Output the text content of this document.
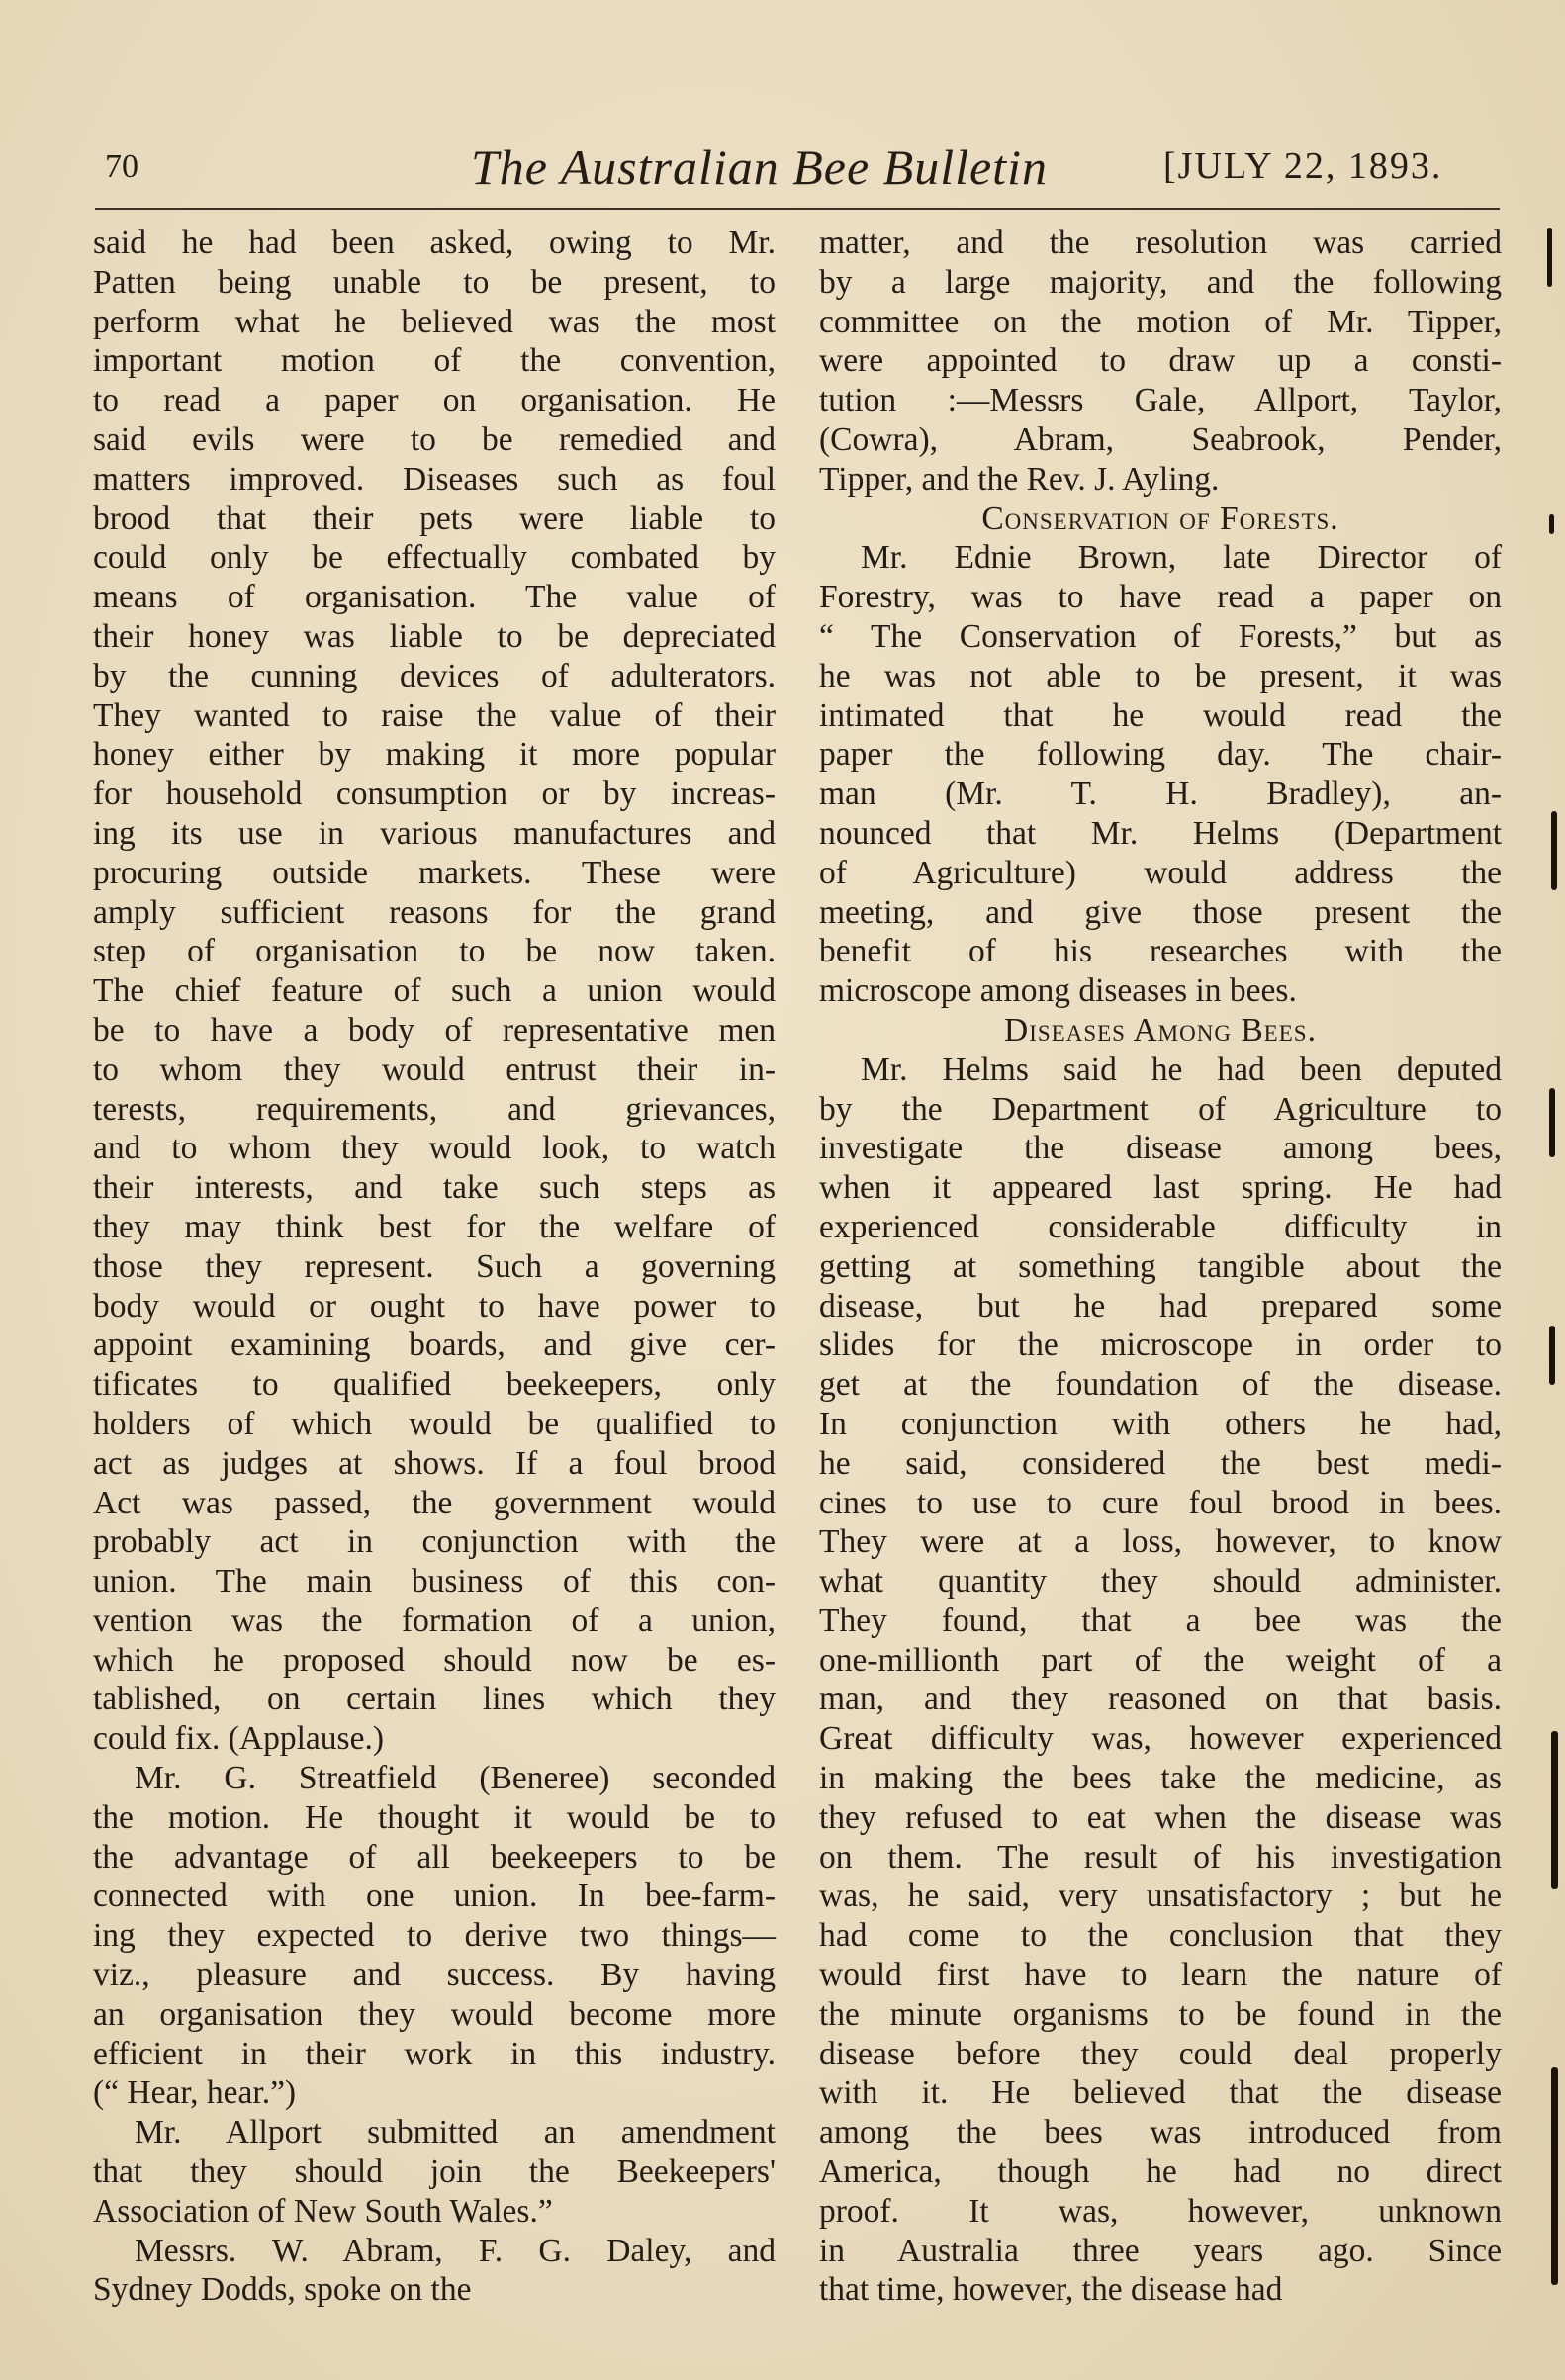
70	The Australian Bee Bulletin	[JULY 22, 1893.

said he had been asked, owing to Mr.
Patten being unable to be present, to
perform what he believed was the most
important motion of the convention,
to read a paper on organisation. He
said evils were to be remedied and
matters improved. Diseases such as foul
brood that their pets were liable to
could only be effectually combated by
means of organisation. The value of
their honey was liable to be depreciated
by the cunning devices of adulterators.
They wanted to raise the value of their
honey either by making it more popular
for household consumption or by increas-
ing its use in various manufactures and
procuring outside markets. These were
amply sufficient reasons for the grand
step of organisation to be now taken.
The chief feature of such a union would
be to have a body of representative men
to whom they would entrust their in-
terests, requirements, and grievances,
and to whom they would look, to watch
their interests, and take such steps as
they may think best for the welfare of
those they represent. Such a governing
body would or ought to have power to
appoint examining boards, and give cer-
tificates to qualified beekeepers, only
holders of which would be qualified to
act as judges at shows. If a foul brood
Act was passed, the government would
probably act in conjunction with the
union. The main business of this con-
vention was the formation of a union,
which he proposed should now be es-
tablished, on certain lines which they
could fix. (Applause.)

Mr. G. Streatfield (Beneree) seconded
the motion. He thought it would be to
the advantage of all beekeepers to be
connected with one union. In bee-farm-
ing they expected to derive two things—
viz., pleasure and success. By having
an organisation they would become more
efficient in their work in this industry.
(“ Hear, hear.”)

Mr. Allport submitted an amendment
that they should join the Beekeepers'
Association of New South Wales.”

Messrs. W. Abram, F. G. Daley, and
Sydney Dodds, spoke on the

matter, and the resolution was carried
by a large majority, and the following
committee on the motion of Mr. Tipper,
were appointed to draw up a consti-
tution :—Messrs Gale, Allport, Taylor,
(Cowra), Abram, Seabrook, Pender,
Tipper, and the Rev. J. Ayling.

Conservation of Forests.

Mr. Ednie Brown, late Director of
Forestry, was to have read a paper on
“ The Conservation of Forests,” but as
he was not able to be present, it was
intimated that he would read the
paper the following day. The chair-
man (Mr. T. H. Bradley), an-
nounced that Mr. Helms (Department
of Agriculture) would address the
meeting, and give those present the
benefit of his researches with the
microscope among diseases in bees.

Diseases Among Bees.

Mr. Helms said he had been deputed
by the Department of Agriculture to
investigate the disease among bees,
when it appeared last spring. He had
experienced considerable difficulty in
getting at something tangible about the
disease, but he had prepared some
slides for the microscope in order to
get at the foundation of the disease.
In conjunction with others he had,
he said, considered the best medi-
cines to use to cure foul brood in bees.
They were at a loss, however, to know
what quantity they should administer.
They found, that a bee was the
one-millionth part of the weight of a
man, and they reasoned on that basis.
Great difficulty was, however experienced
in making the bees take the medicine, as
they refused to eat when the disease was
on them. The result of his investigation
was, he said, very unsatisfactory ; but he
had come to the conclusion that they
would first have to learn the nature of
the minute organisms to be found in the
disease before they could deal properly
with it. He believed that the disease
among the bees was introduced from
America, though he had no direct
proof. It was, however, unknown
in Australia three years ago. Since
that time, however, the disease had
